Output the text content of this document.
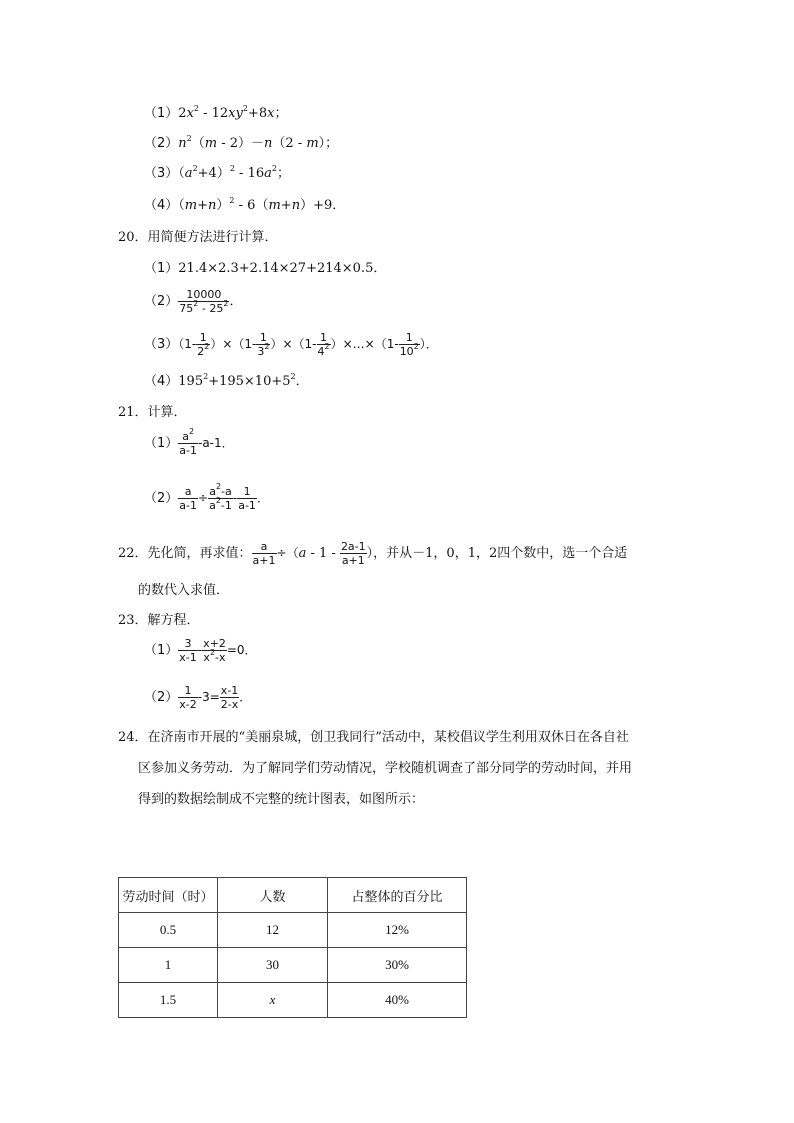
$(1)2x^2 - 12xy^2+8x$；
$(2)n^2(m - 2)-n(2 - m)$；
$(3)(a^2+4)^2 - 16a^2$；
$(4)(m+n)^2 - 6(m+n)+9$．
20．用简便方法进行计算．
（1）21.4×2.3+2.14×27+214×0.5．
$(2) \frac{10000}{75^2 - 25^2}$ ．
$(3)(1- \frac{1}{2^2} )\times(1- \frac{1}{3^2} )\times(1- \frac{1}{4^2}$ ）×…×（1- $\frac{1}{10^2}$ ）．
$(4)195^2+195\times 10+5^2$．
21．计算．
$(1) \frac{a^2}{a-1} -a-1$．
$(2) \frac{a}{a-1} \div \frac{a^2-a}{a^2-1} - \frac{1}{a-1}$ ．
22．先化简，再求值： $\frac{a}{a+1} \div(a - 1 - \frac{2a-1}{a+1}$ ），并从－1，0，1，2四个数中，选一个合适
的数代入求值．
23．解方程．
$(1) \frac{3}{x-1} - \frac{x+2}{x^2-x} =0$．
$(2) \frac{1}{x-2} -3= \frac{x-1}{2-x}$ ．
24．在济南市开展的“美丽泉城，创卫我同行”活动中，某校倡议学生利用双休日在各自社
区参加义务劳动．为了解同学们劳动情况，学校随机调查了部分同学的劳动时间，并用
得到的数据绘制成不完整的统计图表，如图所示：
劳动时间（时）	人数	占整体的百分比
0.5	12	12%
1	30	30%
1.5	x	40%
